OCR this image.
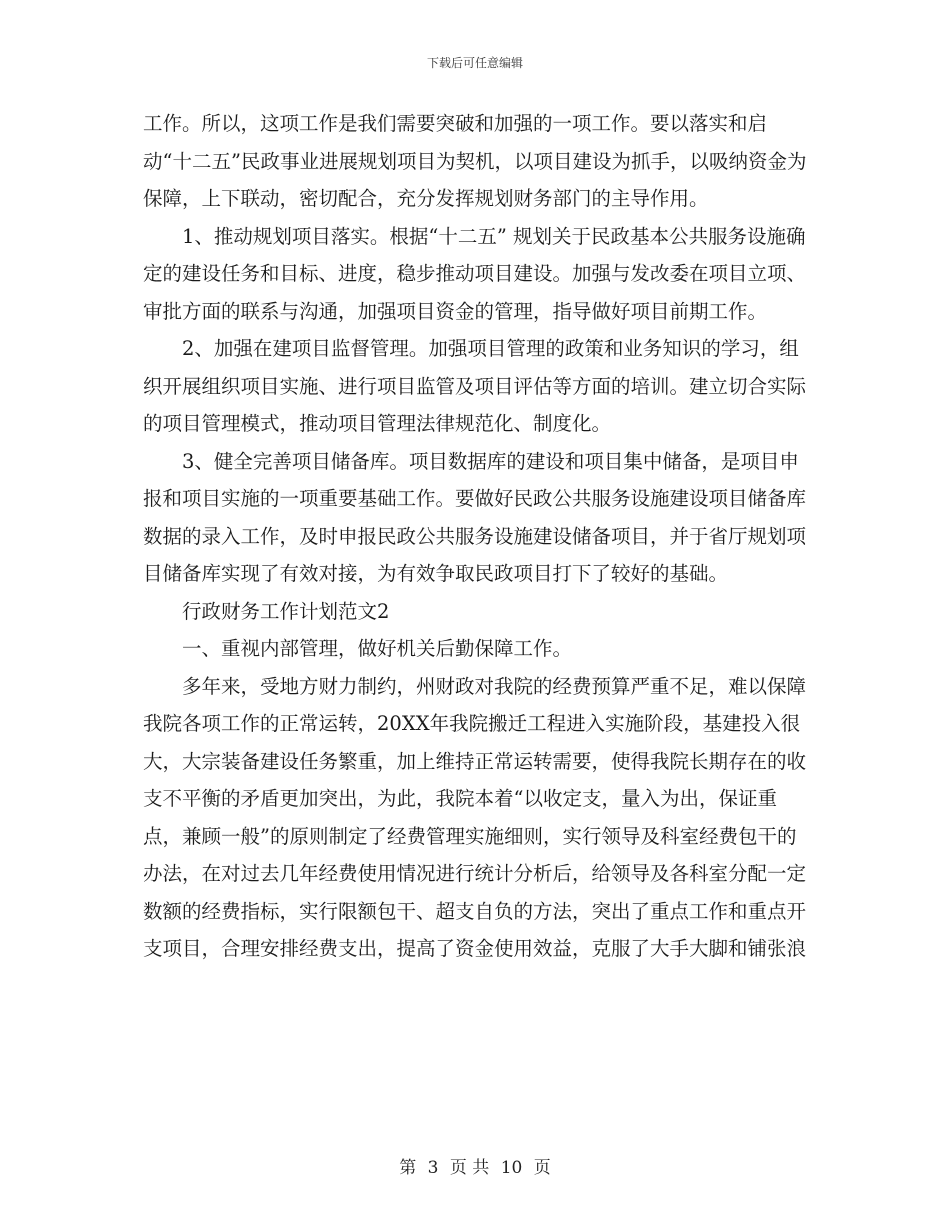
下载后可任意编辑

工作。所以，这项工作是我们需要突破和加强的一项工作。要以落实和启动“十二五”民政事业进展规划项目为契机，以项目建设为抓手，以吸纳资金为保障，上下联动，密切配合，充分发挥规划财务部门的主导作用。

1、推动规划项目落实。根据“十二五” 规划关于民政基本公共服务设施确定的建设任务和目标、进度，稳步推动项目建设。加强与发改委在项目立项、审批方面的联系与沟通，加强项目资金的管理，指导做好项目前期工作。

2、加强在建项目监督管理。加强项目管理的政策和业务知识的学习，组织开展组织项目实施、进行项目监管及项目评估等方面的培训。建立切合实际的项目管理模式，推动项目管理法律规范化、制度化。

3、健全完善项目储备库。项目数据库的建设和项目集中储备，是项目申报和项目实施的一项重要基础工作。要做好民政公共服务设施建设项目储备库数据的录入工作，及时申报民政公共服务设施建设储备项目，并于省厅规划项目储备库实现了有效对接，为有效争取民政项目打下了较好的基础。

行政财务工作计划范文2

一、重视内部管理，做好机关后勤保障工作。

多年来，受地方财力制约，州财政对我院的经费预算严重不足，难以保障我院各项工作的正常运转，20XX年我院搬迁工程进入实施阶段，基建投入很大，大宗装备建设任务繁重，加上维持正常运转需要，使得我院长期存在的收支不平衡的矛盾更加突出，为此，我院本着“以收定支，量入为出，保证重点，兼顾一般”的原则制定了经费管理实施细则，实行领导及科室经费包干的办法，在对过去几年经费使用情况进行统计分析后，给领导及各科室分配一定数额的经费指标，实行限额包干、超支自负的方法，突出了重点工作和重点开支项目，合理安排经费支出，提高了资金使用效益，克服了大手大脚和铺张浪

第 3 页 共 10 页
